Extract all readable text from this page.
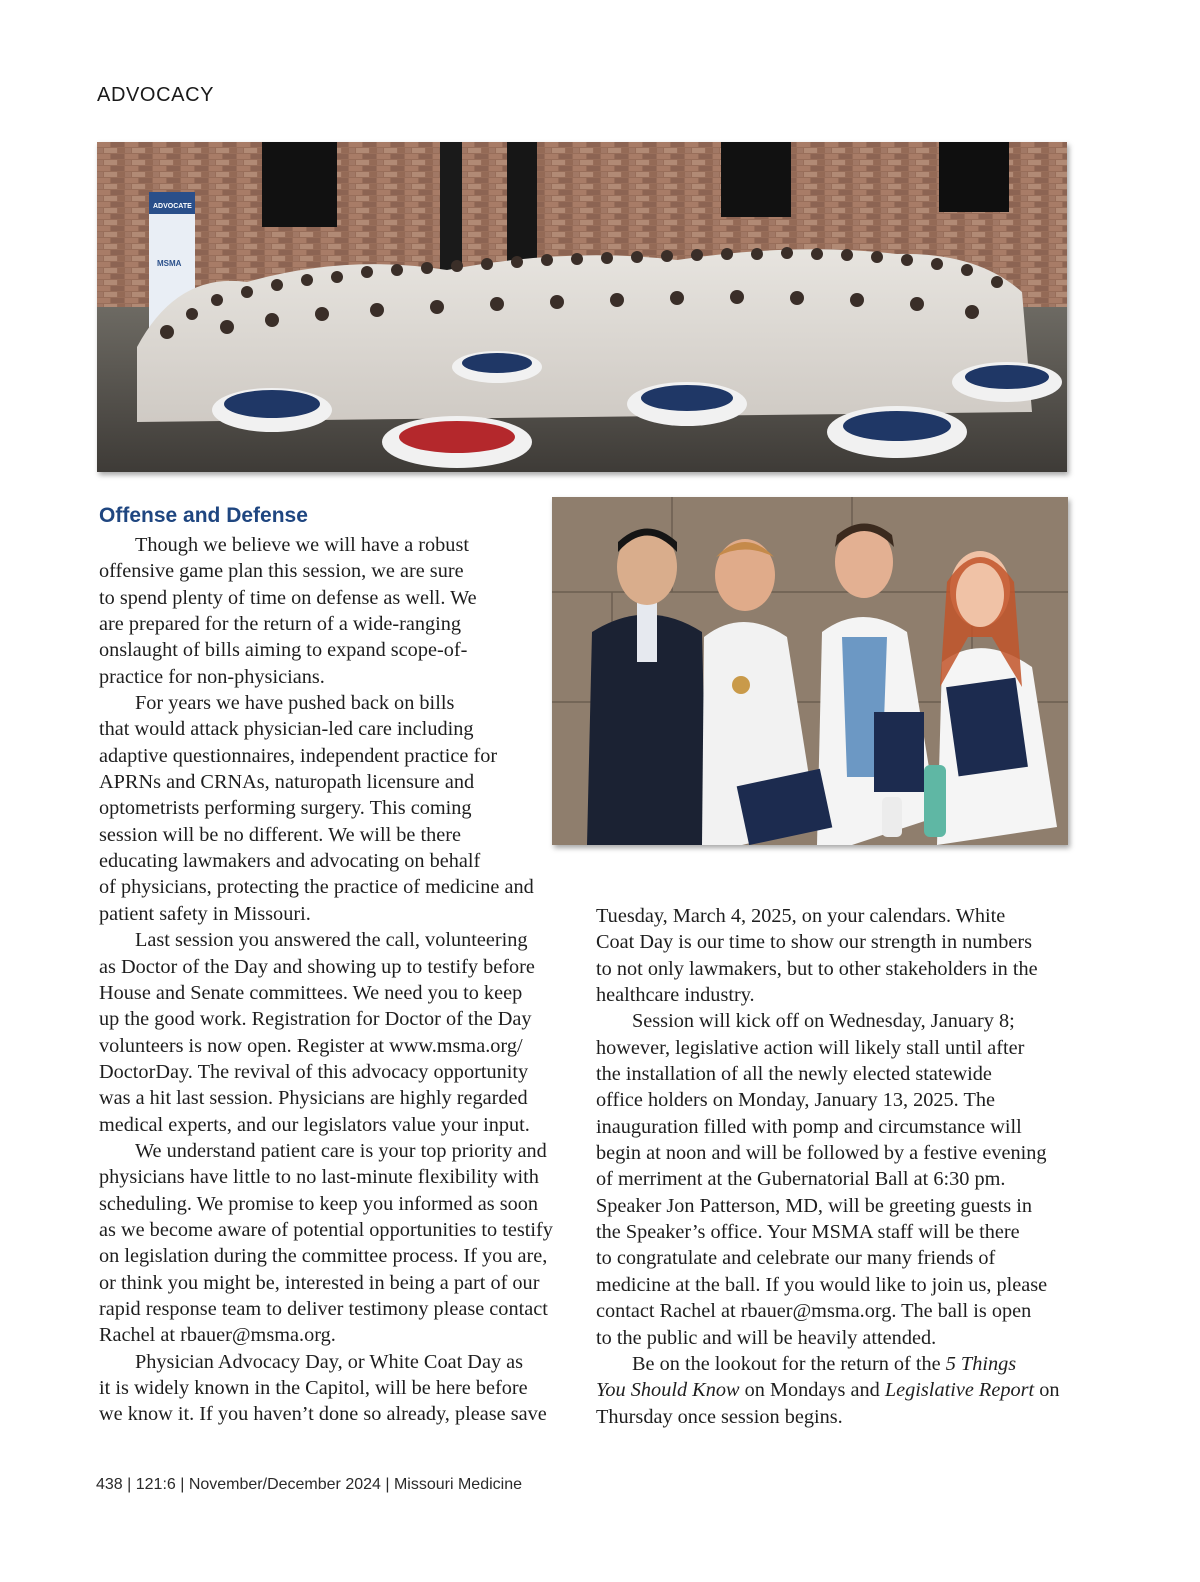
ADVOCACY
ADVOCATE
MSMA
Offense and Defense
Though we believe we will have a robust
offensive game plan this session, we are sure
to spend plenty of time on defense as well. We
are prepared for the return of a wide-ranging
onslaught of bills aiming to expand scope-of-
practice for non-physicians.
For years we have pushed back on bills
that would attack physician-led care including
adaptive questionnaires, independent practice for
APRNs and CRNAs, naturopath licensure and
optometrists performing surgery. This coming
session will be no different. We will be there
educating lawmakers and advocating on behalf
of physicians, protecting the practice of medicine and
patient safety in Missouri.
Last session you answered the call, volunteering
as Doctor of the Day and showing up to testify before
House and Senate committees. We need you to keep
up the good work. Registration for Doctor of the Day
volunteers is now open. Register at www.msma.org/
DoctorDay. The revival of this advocacy opportunity
was a hit last session. Physicians are highly regarded
medical experts, and our legislators value your input.
We understand patient care is your top priority and
physicians have little to no last-minute flexibility with
scheduling. We promise to keep you informed as soon
as we become aware of potential opportunities to testify
on legislation during the committee process. If you are,
or think you might be, interested in being a part of our
rapid response team to deliver testimony please contact
Rachel at rbauer@msma.org.
Physician Advocacy Day, or White Coat Day as
it is widely known in the Capitol, will be here before
we know it. If you haven’t done so already, please save
Tuesday, March 4, 2025, on your calendars. White
Coat Day is our time to show our strength in numbers
to not only lawmakers, but to other stakeholders in the
healthcare industry.
Session will kick off on Wednesday, January 8;
however, legislative action will likely stall until after
the installation of all the newly elected statewide
office holders on Monday, January 13, 2025. The
inauguration filled with pomp and circumstance will
begin at noon and will be followed by a festive evening
of merriment at the Gubernatorial Ball at 6:30 pm.
Speaker Jon Patterson, MD, will be greeting guests in
the Speaker’s office. Your MSMA staff will be there
to congratulate and celebrate our many friends of
medicine at the ball. If you would like to join us, please
contact Rachel at rbauer@msma.org. The ball is open
to the public and will be heavily attended.
Be on the lookout for the return of the 5 Things
You Should Know on Mondays and Legislative Report on
Thursday once session begins.
438 | 121:6 | November/December 2024 | Missouri Medicine
